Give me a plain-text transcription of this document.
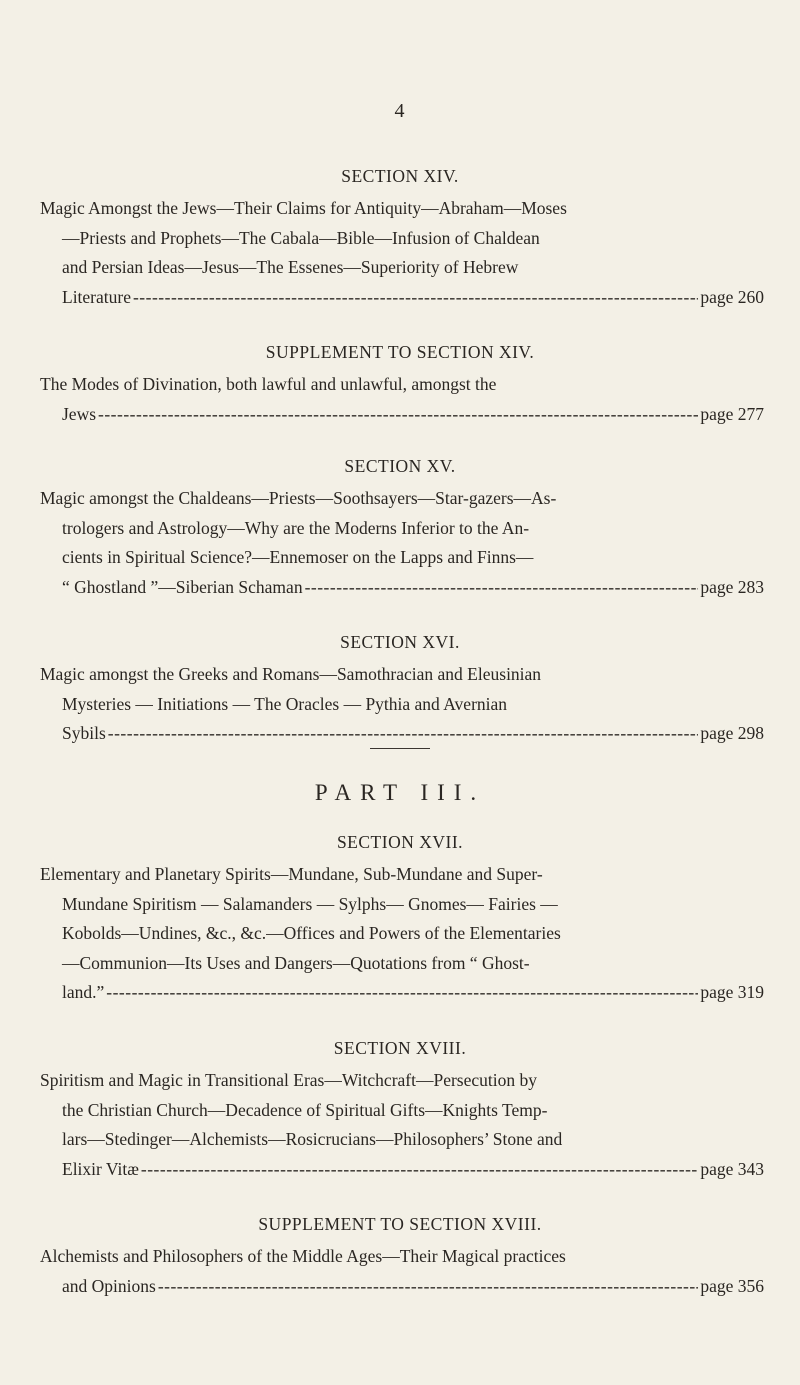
4
SECTION XIV.
Magic Amongst the Jews—Their Claims for Antiquity—Abraham—Moses
—Priests and Prophets—The Cabala—Bible—Infusion of Chaldean
and Persian Ideas—Jesus—The Essenes—Superiority of Hebrew
Literature -----	page 260
SUPPLEMENT TO SECTION XIV.
The Modes of Divination, both lawful and unlawful, amongst the
Jews -----	page 277
SECTION XV.
Magic amongst the Chaldeans—Priests—Soothsayers—Star-gazers—As-
trologers and Astrology—Why are the Moderns Inferior to the An-
cients in Spiritual Science?—Ennemoser on the Lapps and Finns—
“ Ghostland ”—Siberian Schaman -----	page 283
SECTION XVI.
Magic amongst the Greeks and Romans—Samothracian and Eleusinian
Mysteries — Initiations — The Oracles — Pythia and Avernian
Sybils -----	page 298
PART III.
SECTION XVII.
Elementary and Planetary Spirits—Mundane, Sub-Mundane and Super-
Mundane Spiritism — Salamanders — Sylphs— Gnomes— Fairies —
Kobolds—Undines, &c., &c.—Offices and Powers of the Elementaries
—Communion—Its Uses and Dangers—Quotations from “ Ghost-
land.” -----	page 319
SECTION XVIII.
Spiritism and Magic in Transitional Eras—Witchcraft—Persecution by
the Christian Church—Decadence of Spiritual Gifts—Knights Temp-
lars—Stedinger—Alchemists—Rosicrucians—Philosophers’ Stone and
Elixir Vitæ -----	page 343
SUPPLEMENT TO SECTION XVIII.
Alchemists and Philosophers of the Middle Ages—Their Magical practices
and Opinions -----	page 356
